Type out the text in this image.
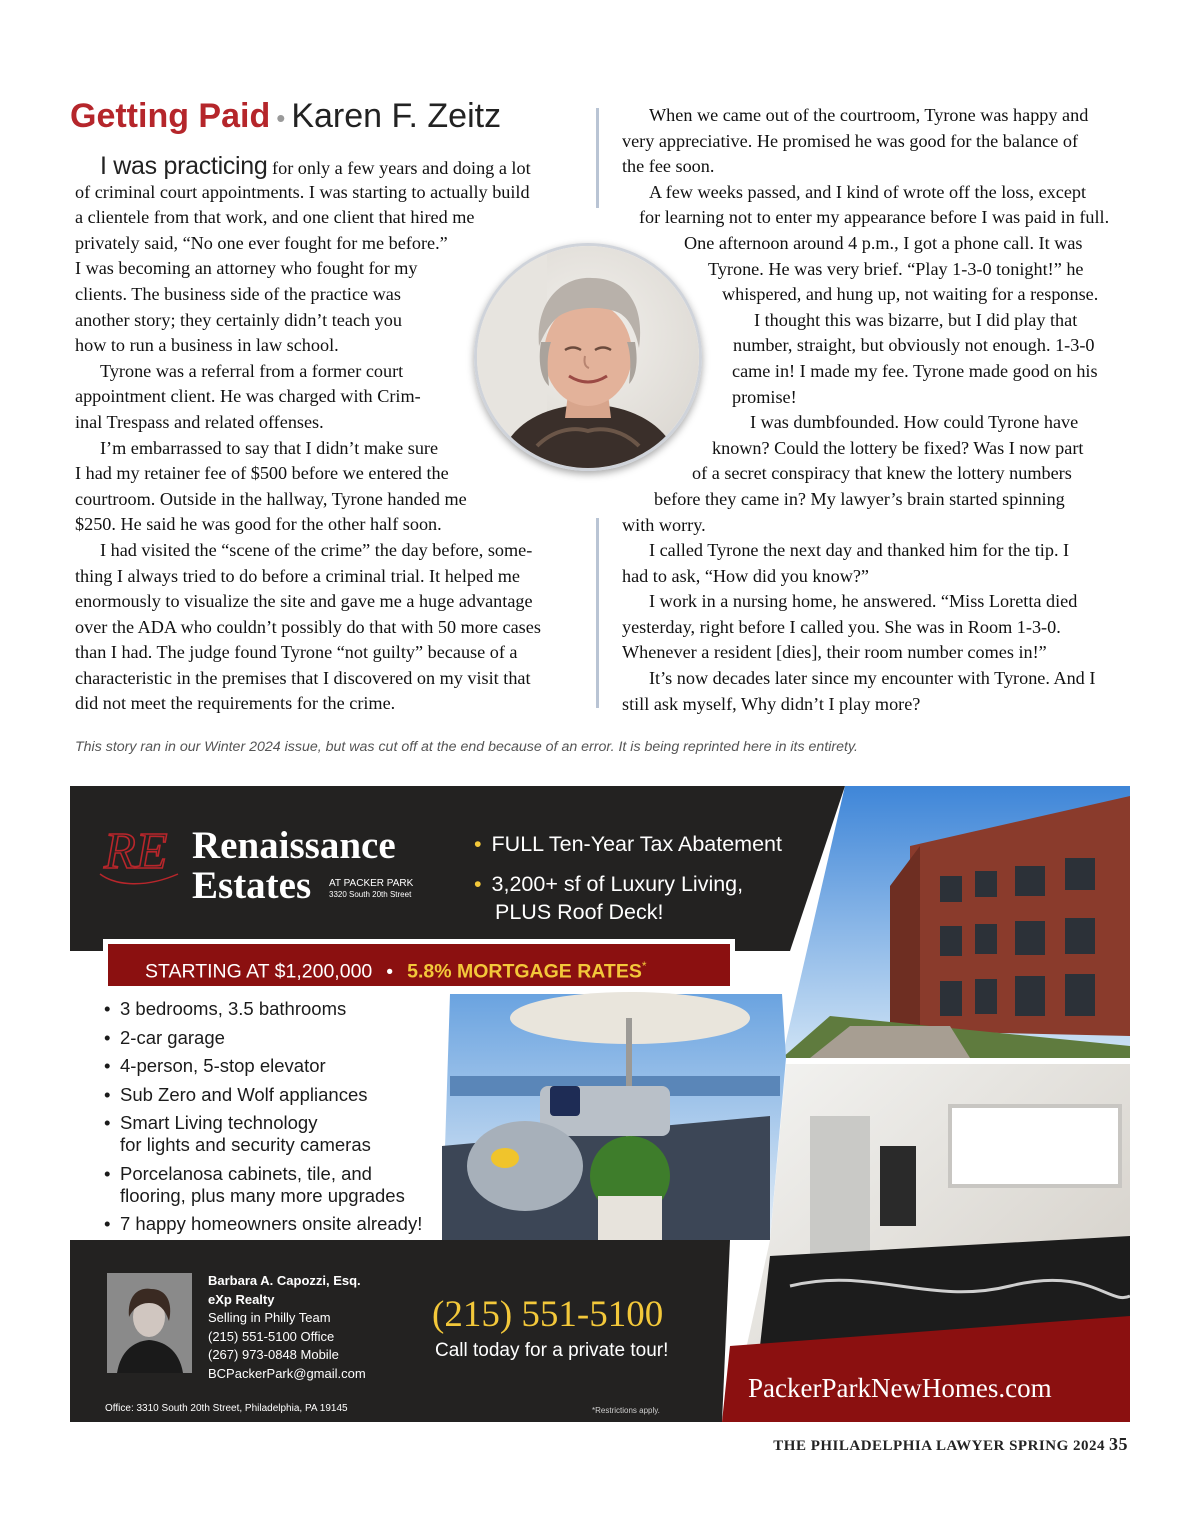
Getting Paid • Karen F. Zeitz
I was practicing for only a few years and doing a lot
of criminal court appointments. I was starting to actually build
a clientele from that work, and one client that hired me
privately said, “No one ever fought for me before.”
I was becoming an attorney who fought for my
clients. The business side of the practice was
another story; they certainly didn’t teach you
how to run a business in law school.
Tyrone was a referral from a former court
appointment client. He was charged with Crim-
inal Trespass and related offenses.
I’m embarrassed to say that I didn’t make sure
I had my retainer fee of $500 before we entered the
courtroom. Outside in the hallway, Tyrone handed me
$250. He said he was good for the other half soon.
I had visited the “scene of the crime” the day before, some-
thing I always tried to do before a criminal trial. It helped me
enormously to visualize the site and gave me a huge advantage
over the ADA who couldn’t possibly do that with 50 more cases
than I had. The judge found Tyrone “not guilty” because of a
characteristic in the premises that I discovered on my visit that
did not meet the requirements for the crime.
When we came out of the courtroom, Tyrone was happy and
very appreciative. He promised he was good for the balance of
the fee soon.
A few weeks passed, and I kind of wrote off the loss, except
for learning not to enter my appearance before I was paid in full.
One afternoon around 4 p.m., I got a phone call. It was
Tyrone. He was very brief. “Play 1-3-0 tonight!” he
whispered, and hung up, not waiting for a response.
I thought this was bizarre, but I did play that
number, straight, but obviously not enough. 1-3-0
came in! I made my fee. Tyrone made good on his
promise!
I was dumbfounded. How could Tyrone have
known? Could the lottery be fixed? Was I now part
of a secret conspiracy that knew the lottery numbers
before they came in? My lawyer’s brain started spinning
with worry.
I called Tyrone the next day and thanked him for the tip. I
had to ask, “How did you know?”
I work in a nursing home, he answered. “Miss Loretta died
yesterday, right before I called you. She was in Room 1-3-0.
Whenever a resident [dies], their room number comes in!”
It’s now decades later since my encounter with Tyrone. And I
still ask myself, Why didn’t I play more?
This story ran in our Winter 2024 issue, but was cut off at the end because of an error. It is being reprinted here in its entirety.
RE Renaissance
Estates AT PACKER PARK
3320 South 20th Street
• FULL Ten-Year Tax Abatement
• 3,200+ sf of Luxury Living,
PLUS Roof Deck!
STARTING AT $1,200,000 • 5.8% MORTGAGE RATES*
Barbara A. Capozzi, Esq.
eXp Realty
Selling in Philly Team
(215) 551-5100 Office
(267) 973-0848 Mobile
BCPackerPark@gmail.com
Office: 3310 South 20th Street, Philadelphia, PA 19145
(215) 551-5100
Call today for a private tour!
*Restrictions apply.
PackerParkNewHomes.com
• 3 bedrooms, 3.5 bathrooms
• 2-car garage
• 4-person, 5-stop elevator
• Sub Zero and Wolf appliances
• Smart Living technology
for lights and security cameras
• Porcelanosa cabinets, tile, and
flooring, plus many more upgrades
• 7 happy homeowners onsite already!
THE PHILADELPHIA LAWYER SPRING 2024 35
